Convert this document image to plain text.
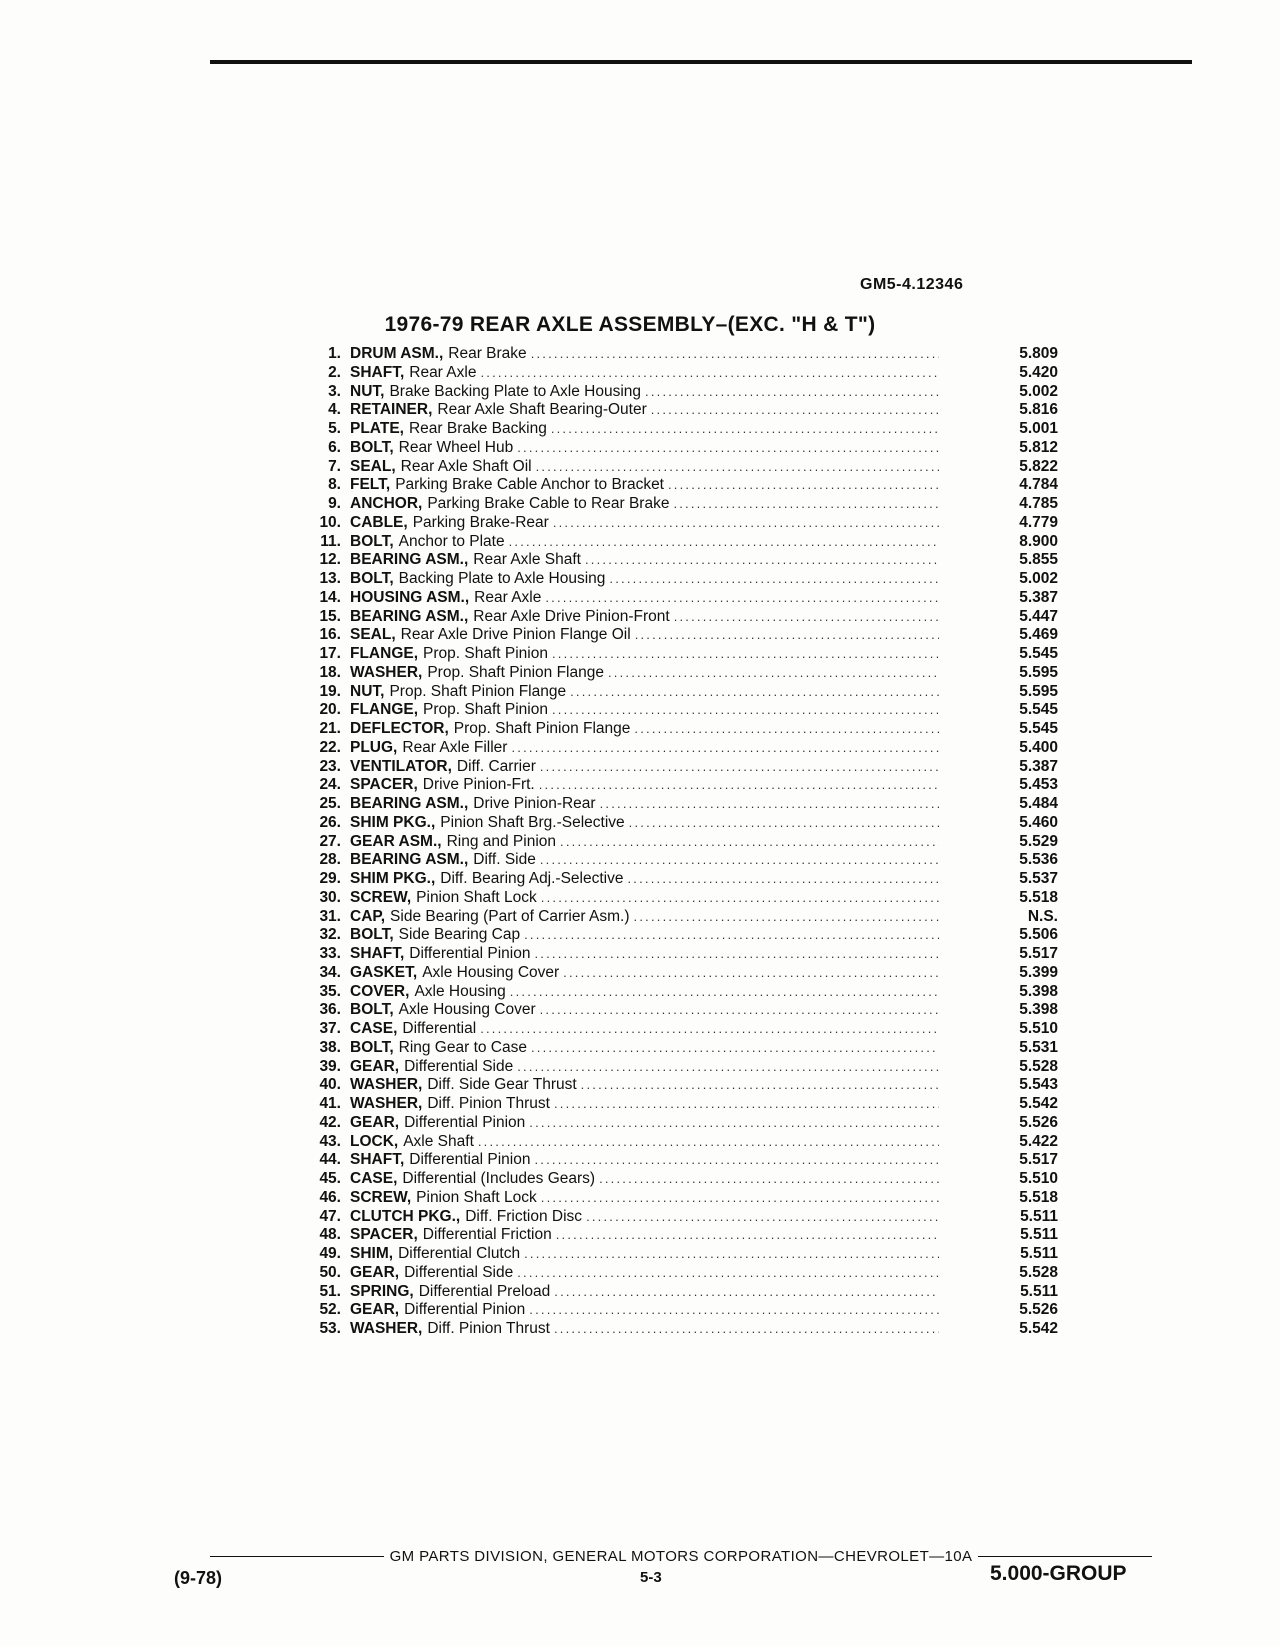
GM5-4.12346
1976-79 REAR AXLE ASSEMBLY–(EXC. "H & T")
1. DRUM ASM., Rear Brake .....	5.809
2. SHAFT, Rear Axle .....	5.420
3. NUT, Brake Backing Plate to Axle Housing .....	5.002
4. RETAINER, Rear Axle Shaft Bearing-Outer .....	5.816
5. PLATE, Rear Brake Backing .....	5.001
6. BOLT, Rear Wheel Hub .....	5.812
7. SEAL, Rear Axle Shaft Oil .....	5.822
8. FELT, Parking Brake Cable Anchor to Bracket .....	4.784
9. ANCHOR, Parking Brake Cable to Rear Brake .....	4.785
10. CABLE, Parking Brake-Rear .....	4.779
11. BOLT, Anchor to Plate .....	8.900
12. BEARING ASM., Rear Axle Shaft .....	5.855
13. BOLT, Backing Plate to Axle Housing .....	5.002
14. HOUSING ASM., Rear Axle .....	5.387
15. BEARING ASM., Rear Axle Drive Pinion-Front .....	5.447
16. SEAL, Rear Axle Drive Pinion Flange Oil .....	5.469
17. FLANGE, Prop. Shaft Pinion .....	5.545
18. WASHER, Prop. Shaft Pinion Flange .....	5.595
19. NUT, Prop. Shaft Pinion Flange .....	5.595
20. FLANGE, Prop. Shaft Pinion .....	5.545
21. DEFLECTOR, Prop. Shaft Pinion Flange .....	5.545
22. PLUG, Rear Axle Filler .....	5.400
23. VENTILATOR, Diff. Carrier .....	5.387
24. SPACER, Drive Pinion-Frt. .....	5.453
25. BEARING ASM., Drive Pinion-Rear .....	5.484
26. SHIM PKG., Pinion Shaft Brg.-Selective .....	5.460
27. GEAR ASM., Ring and Pinion .....	5.529
28. BEARING ASM., Diff. Side .....	5.536
29. SHIM PKG., Diff. Bearing Adj.-Selective .....	5.537
30. SCREW, Pinion Shaft Lock .....	5.518
31. CAP, Side Bearing (Part of Carrier Asm.) .....	N.S.
32. BOLT, Side Bearing Cap .....	5.506
33. SHAFT, Differential Pinion .....	5.517
34. GASKET, Axle Housing Cover .....	5.399
35. COVER, Axle Housing .....	5.398
36. BOLT, Axle Housing Cover .....	5.398
37. CASE, Differential .....	5.510
38. BOLT, Ring Gear to Case .....	5.531
39. GEAR, Differential Side .....	5.528
40. WASHER, Diff. Side Gear Thrust .....	5.543
41. WASHER, Diff. Pinion Thrust .....	5.542
42. GEAR, Differential Pinion .....	5.526
43. LOCK, Axle Shaft .....	5.422
44. SHAFT, Differential Pinion .....	5.517
45. CASE, Differential (Includes Gears) .....	5.510
46. SCREW, Pinion Shaft Lock .....	5.518
47. CLUTCH PKG., Diff. Friction Disc .....	5.511
48. SPACER, Differential Friction .....	5.511
49. SHIM, Differential Clutch .....	5.511
50. GEAR, Differential Side .....	5.528
51. SPRING, Differential Preload .....	5.511
52. GEAR, Differential Pinion .....	5.526
53. WASHER, Diff. Pinion Thrust .....	5.542
GM PARTS DIVISION, GENERAL MOTORS CORPORATION—CHEVROLET—10A
(9-78)	5-3	5.000-GROUP
